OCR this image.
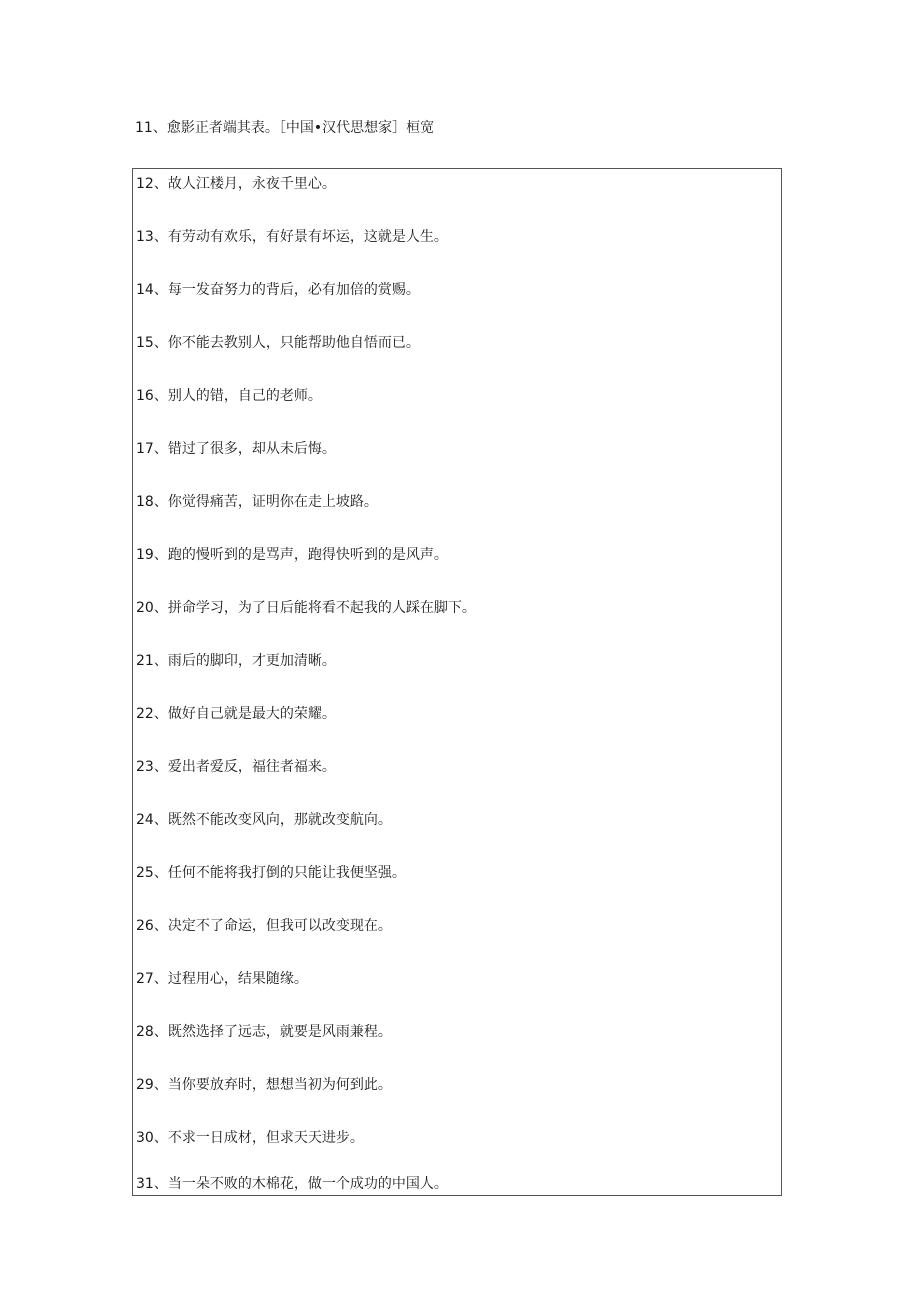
11、愈影正者端其表。［中国•汉代思想家］桓宽
12、故人江楼月，永夜千里心。
13、有劳动有欢乐，有好景有坏运，这就是人生。
14、每一发奋努力的背后，必有加倍的赏赐。
15、你不能去教别人，只能帮助他自悟而已。
16、别人的错，自己的老师。
17、错过了很多，却从未后悔。
18、你觉得痛苦，证明你在走上坡路。
19、跑的慢听到的是骂声，跑得快听到的是风声。
20、拼命学习，为了日后能将看不起我的人踩在脚下。
21、雨后的脚印，才更加清晰。
22、做好自己就是最大的荣耀。
23、爱出者爱反，福往者福来。
24、既然不能改变风向，那就改变航向。
25、任何不能将我打倒的只能让我便坚强。
26、决定不了命运，但我可以改变现在。
27、过程用心，结果随缘。
28、既然选择了远志，就要是风雨兼程。
29、当你要放弃时，想想当初为何到此。
30、不求一日成材，但求天天进步。
31、当一朵不败的木棉花，做一个成功的中国人。
